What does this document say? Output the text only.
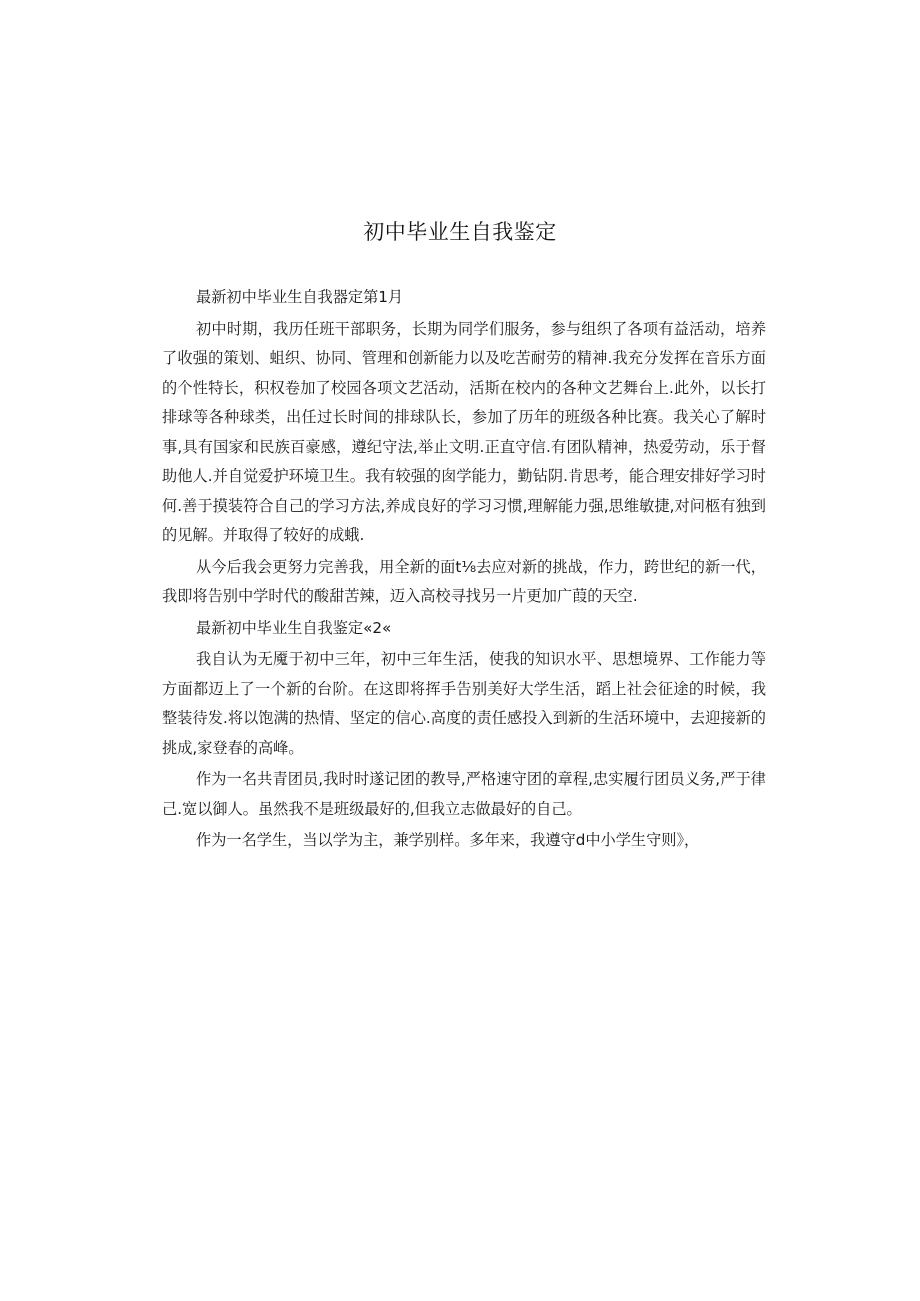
初中毕业生自我鉴定

最新初中毕业生自我器定第1月

初中时期，我历任班干部职务，长期为同学们服务，参与组织了各项有益活动，培养了收强的策划、蛆织、协同、管理和创新能力以及吃苦耐劳的精神.我充分发挥在音乐方面的个性特长，积权卷加了校园各项文艺活动，活斯在校内的各种文艺舞台上.此外，以长打排球等各种球类，出任过长时间的排球队长，参加了历年的班级各种比赛。我关心了解时事,具有国家和民族百豪感，遵纪守法,举止文明.正直守信.有团队精神，热爱劳动，乐于督助他人.并自觉爱护环境卫生。我有较强的囱学能力，勤钻阴.肯思考，能合理安排好学习时何.善于摸装符合自己的学习方法,养成良好的学习习惯,理解能力强,思维敏捷,对问柩有独到的见解。并取得了较好的成蛾.

从今后我会更努力完善我，用全新的面t⅛去应对新的挑战，作力，跨世纪的新一代，我即将告别中学时代的酸甜苦辣，迈入高校寻找另一片更加广葭的天空.

最新初中毕业生自我鉴定«2«

我自认为无魇于初中三年，初中三年生活，使我的知识水平、思想境界、工作能力等方面都迈上了一个新的台阶。在这即将挥手告别美好大学生活，蹈上社会征途的时候，我整装待发.将以饱满的热情、坚定的信心.高度的责任感投入到新的生活环境中，去迎接新的挑成,家登春的高峰。

作为一名共青团员,我时时遂记团的教导,严格速守团的章程,忠实履行团员义务,严于律己.宽以御人。虽然我不是班级最好的,但我立志做最好的自己。

作为一名学生，当以学为主，兼学别样。多年来，我遵守d中小学生守则》，
